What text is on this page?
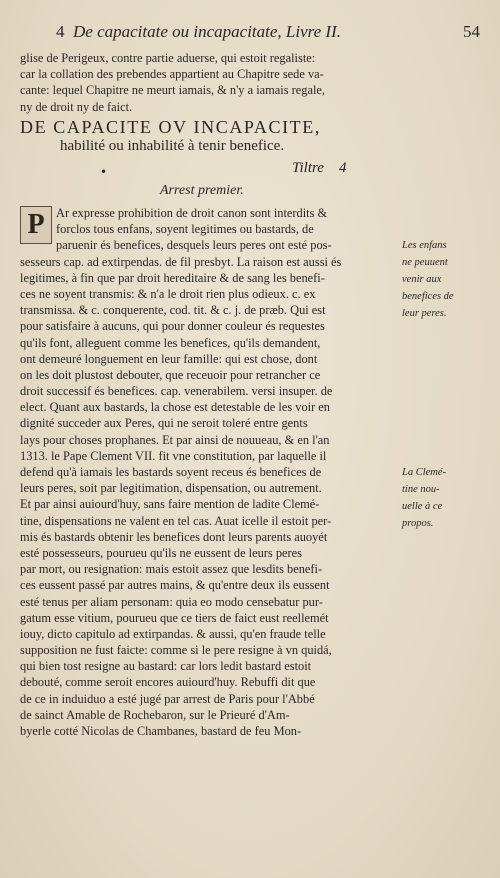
4 De capacitate ou incapacitate, Livre II.	54
glise de Perigeux, contre partie aduerse, qui estoit regaliste:
car la collation des prebendes appartient au Chapitre sede va-
cante: lequel Chapitre ne meurt iamais, & n'y a iamais regale,
ny de droit ny de faict.
DE CAPACITE OV INCAPACITE,
habilité ou inhabilité à tenir benefice.
•	Tiltre 4
Arrest premier.
P Ar expresse prohibition de droit canon sont interdits &
forclos tous enfans, soyent legitimes ou bastards, de
paruenir és benefices, desquels leurs peres ont esté pos-
sesseurs cap. ad extirpendas. de fil presbyt. La raison est aussi és
legitimes, à fin que par droit hereditaire & de sang les benefi-
ces ne soyent transmis: & n'a le droit rien plus odieux. c. ex
transmissa. & c. conquerente, cod. tit. & c. j. de præb. Qui est
pour satisfaire à aucuns, qui pour donner couleur és requestes
qu'ils font, alleguent comme les benefices, qu'ils demandent,
ont demeuré longuement en leur famille: qui est chose, dont
on les doit plustost debouter, que receuoir pour retrancher ce
droit successif és benefices. cap. venerabilem. versi insuper. de
elect. Quant aux bastards, la chose est detestable de les voir en
dignité succeder aux Peres, qui ne seroit toleré entre gents
lays pour choses prophanes. Et par ainsi de nouueau, & en l'an
1313. le Pape Clement VII. fit vne constitution, par laquelle il
defend qu'à iamais les bastards soyent receus és benefices de
leurs peres, soit par legitimation, dispensation, ou autrement.
Et par ainsi auiourd'huy, sans faire mention de ladite Clemé-
tine, dispensations ne valent en tel cas. Auat icelle il estoit per-
mis és bastards obtenir les benefices dont leurs parents auoyét
esté possesseurs, pourueu qu'ils ne eussent de leurs peres
par mort, ou resignation: mais estoit assez que lesdits benefi-
ces eussent passé par autres mains, & qu'entre deux ils eussent
esté tenus per aliam personam: quia eo modo censebatur pur-
gatum esse vitium, pourueu que ce tiers de faict eust reellemét
iouy, dicto capitulo ad extirpandas. & aussi, qu'en fraude telle
supposition ne fust faicte: comme si le pere resigne à vn quidá,
qui bien tost resigne au bastard: car lors ledit bastard estoit
debouté, comme seroit encores auiourd'huy. Rebuffi dit que
de ce in induiduo a esté jugé par arrest de Paris pour l'Abbé
de sainct Amable de Rochebaron, sur le Prieuré d'Am-
byerle cotté Nicolas de Chambanes, bastard de feu Mon-
Les enfans
ne peuuent
venir aux
benefices de
leur peres.
La Clemé-
tine nou-
uelle à ce
propos.
